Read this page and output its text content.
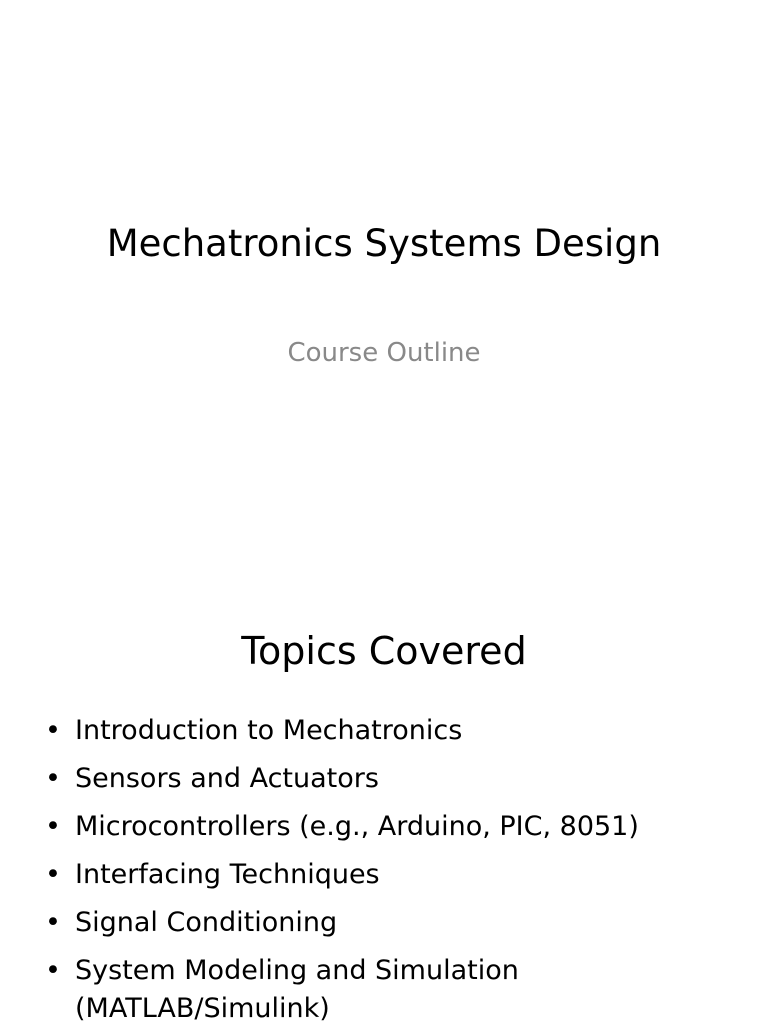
Mechatronics Systems Design

Course Outline

Topics Covered
• Introduction to Mechatronics
• Sensors and Actuators
• Microcontrollers (e.g., Arduino, PIC, 8051)
• Interfacing Techniques
• Signal Conditioning
• System Modeling and Simulation (MATLAB/Simulink)
